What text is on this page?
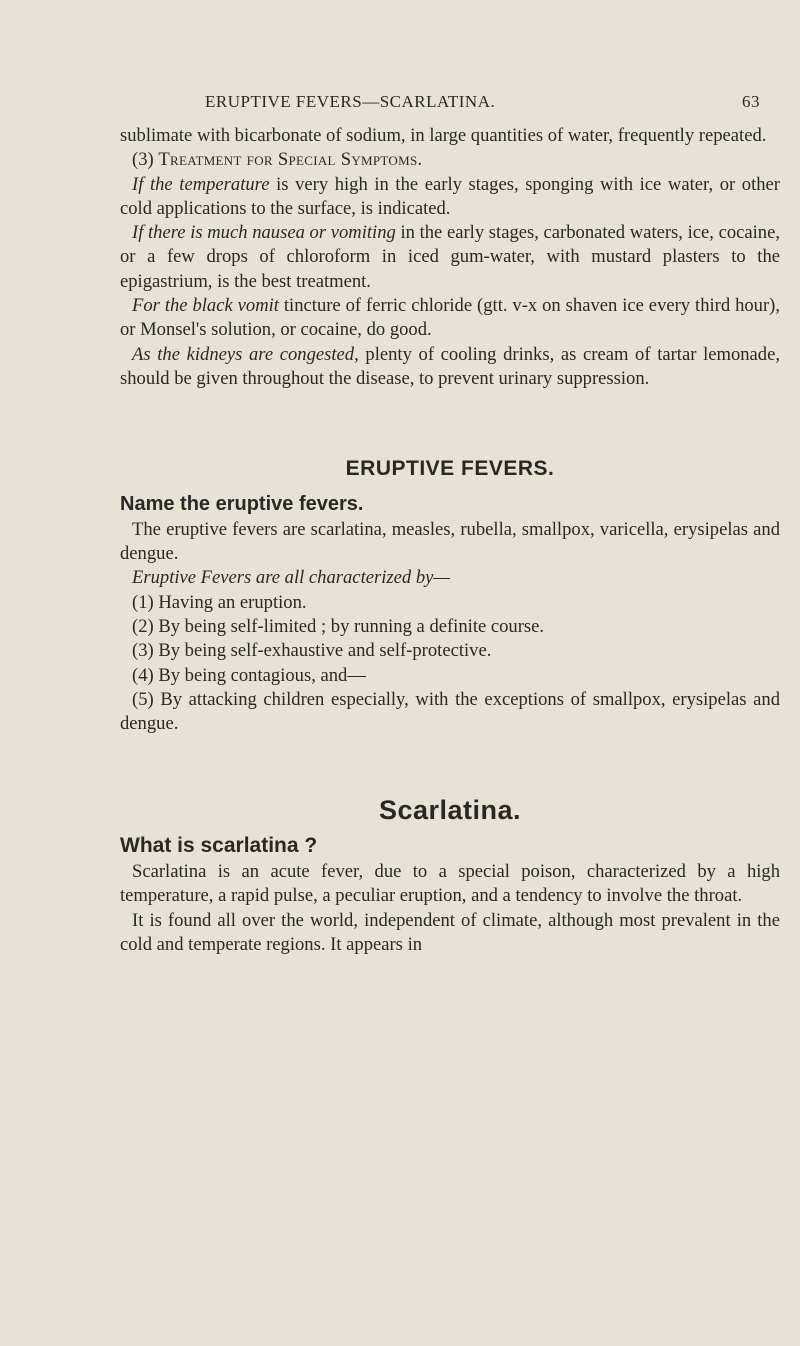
ERUPTIVE FEVERS—SCARLATINA.	63

sublimate with bicarbonate of sodium, in large quantities of water, frequently repeated.

(3) Treatment for Special Symptoms.

If the temperature is very high in the early stages, sponging with ice water, or other cold applications to the surface, is indicated.

If there is much nausea or vomiting in the early stages, carbonated waters, ice, cocaine, or a few drops of chloroform in iced gum-water, with mustard plasters to the epigastrium, is the best treatment.

For the black vomit tincture of ferric chloride (gtt. v-x on shaven ice every third hour), or Monsel's solution, or cocaine, do good.

As the kidneys are congested, plenty of cooling drinks, as cream of tartar lemonade, should be given throughout the disease, to prevent urinary suppression.

ERUPTIVE FEVERS.
Name the eruptive fevers.

The eruptive fevers are scarlatina, measles, rubella, smallpox, varicella, erysipelas and dengue.

Eruptive Fevers are all characterized by—

(1) Having an eruption.

(2) By being self-limited ; by running a definite course.

(3) By being self-exhaustive and self-protective.

(4) By being contagious, and—

(5) By attacking children especially, with the exceptions of smallpox, erysipelas and dengue.

Scarlatina.
What is scarlatina ?

Scarlatina is an acute fever, due to a special poison, characterized by a high temperature, a rapid pulse, a peculiar eruption, and a tendency to involve the throat.

It is found all over the world, independent of climate, although most prevalent in the cold and temperate regions. It appears in
